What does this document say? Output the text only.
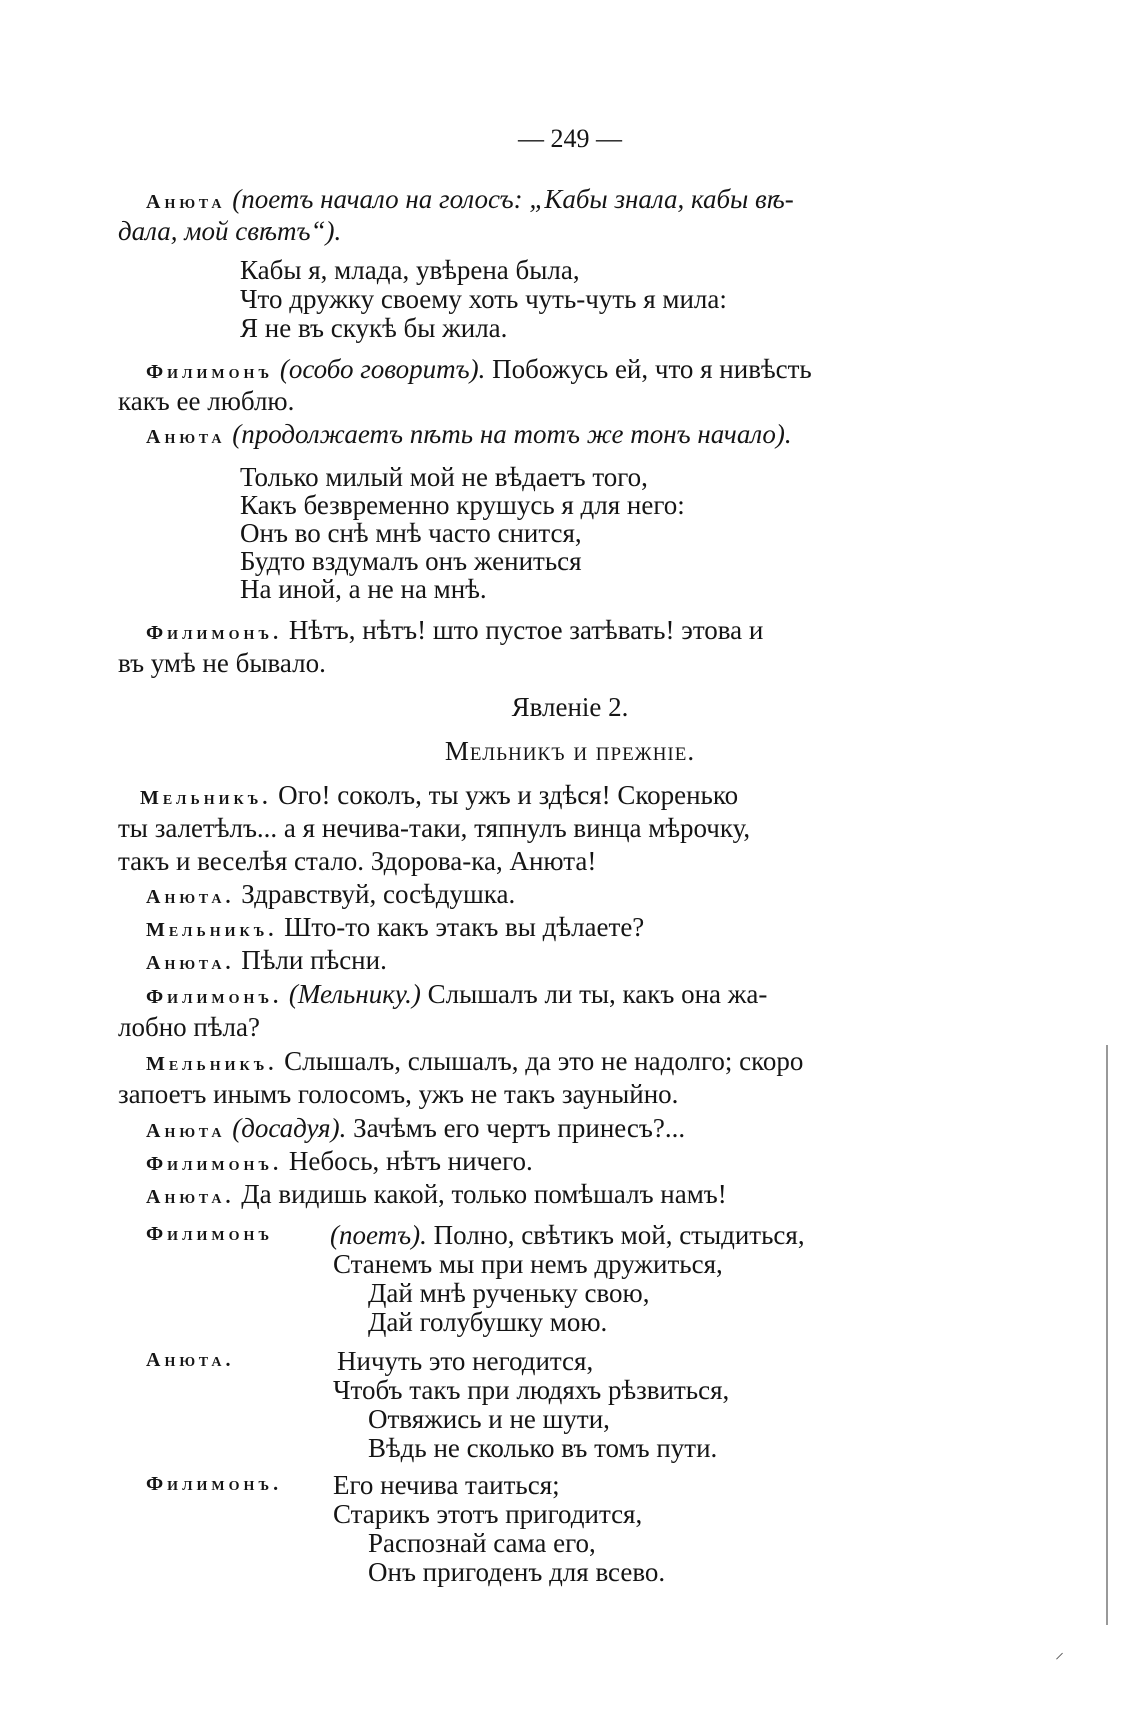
— 249 —
Анюта (поетъ начало на голосъ: „Кабы знала, кабы вѣ-
дала, мой свѣтъ“).
Кабы я, млада, увѣрена была,
Что дружку своему хоть чуть-чуть я мила:
Я не въ скукѣ бы жила.
Филимонъ (особо говоритъ). Побожусь ей, что я нивѣсть
какъ ее люблю.
Анюта (продолжаетъ пѣть на тотъ же тонъ начало).
Только милый мой не вѣдаетъ того,
Какъ безвременно крушусь я для него:
Онъ во снѣ мнѣ часто снится,
Будто вздумалъ онъ жениться
На иной, а не на мнѣ.
Филимонъ. Нѣтъ, нѣтъ! што пустое затѣвать! этова и
въ умѣ не бывало.
Явленіе 2.
Мельникъ и прежніе.
Мельникъ. Ого! соколъ, ты ужъ и здѣся! Скоренько
ты залетѣлъ... а я нечива-таки, тяпнулъ винца мѣрочку,
такъ и веселѣя стало. Здорова-ка, Анюта!
Анюта. Здравствуй, сосѣдушка.
Мельникъ. Што-то какъ этакъ вы дѣлаете?
Анюта. Пѣли пѣсни.
Филимонъ. (Мельнику.) Слышалъ ли ты, какъ она жа-
лобно пѣла?
Мельникъ. Слышалъ, слышалъ, да это не надолго; скоро
запоетъ инымъ голосомъ, ужъ не такъ зауныйно.
Анюта (досадуя). Зачѣмъ его чертъ принесъ?...
Филимонъ. Небось, нѣтъ ничего.
Анюта. Да видишь какой, только помѣшалъ намъ!
Филимонъ (поетъ). Полно, свѣтикъ мой, стыдиться,
Станемъ мы при немъ дружиться,
Дай мнѣ рученьку свою,
Дай голубушку мою.
Анюта.	Ничуть это негодится,
Чтобъ такъ при людяхъ рѣзвиться,
Отвяжись и не шути,
Вѣдь не сколько въ томъ пути.
Филимонъ. Его нечива таиться;
Старикъ этотъ пригодится,
Распознай сама его,
Онъ пригоденъ для всево.
⸝
